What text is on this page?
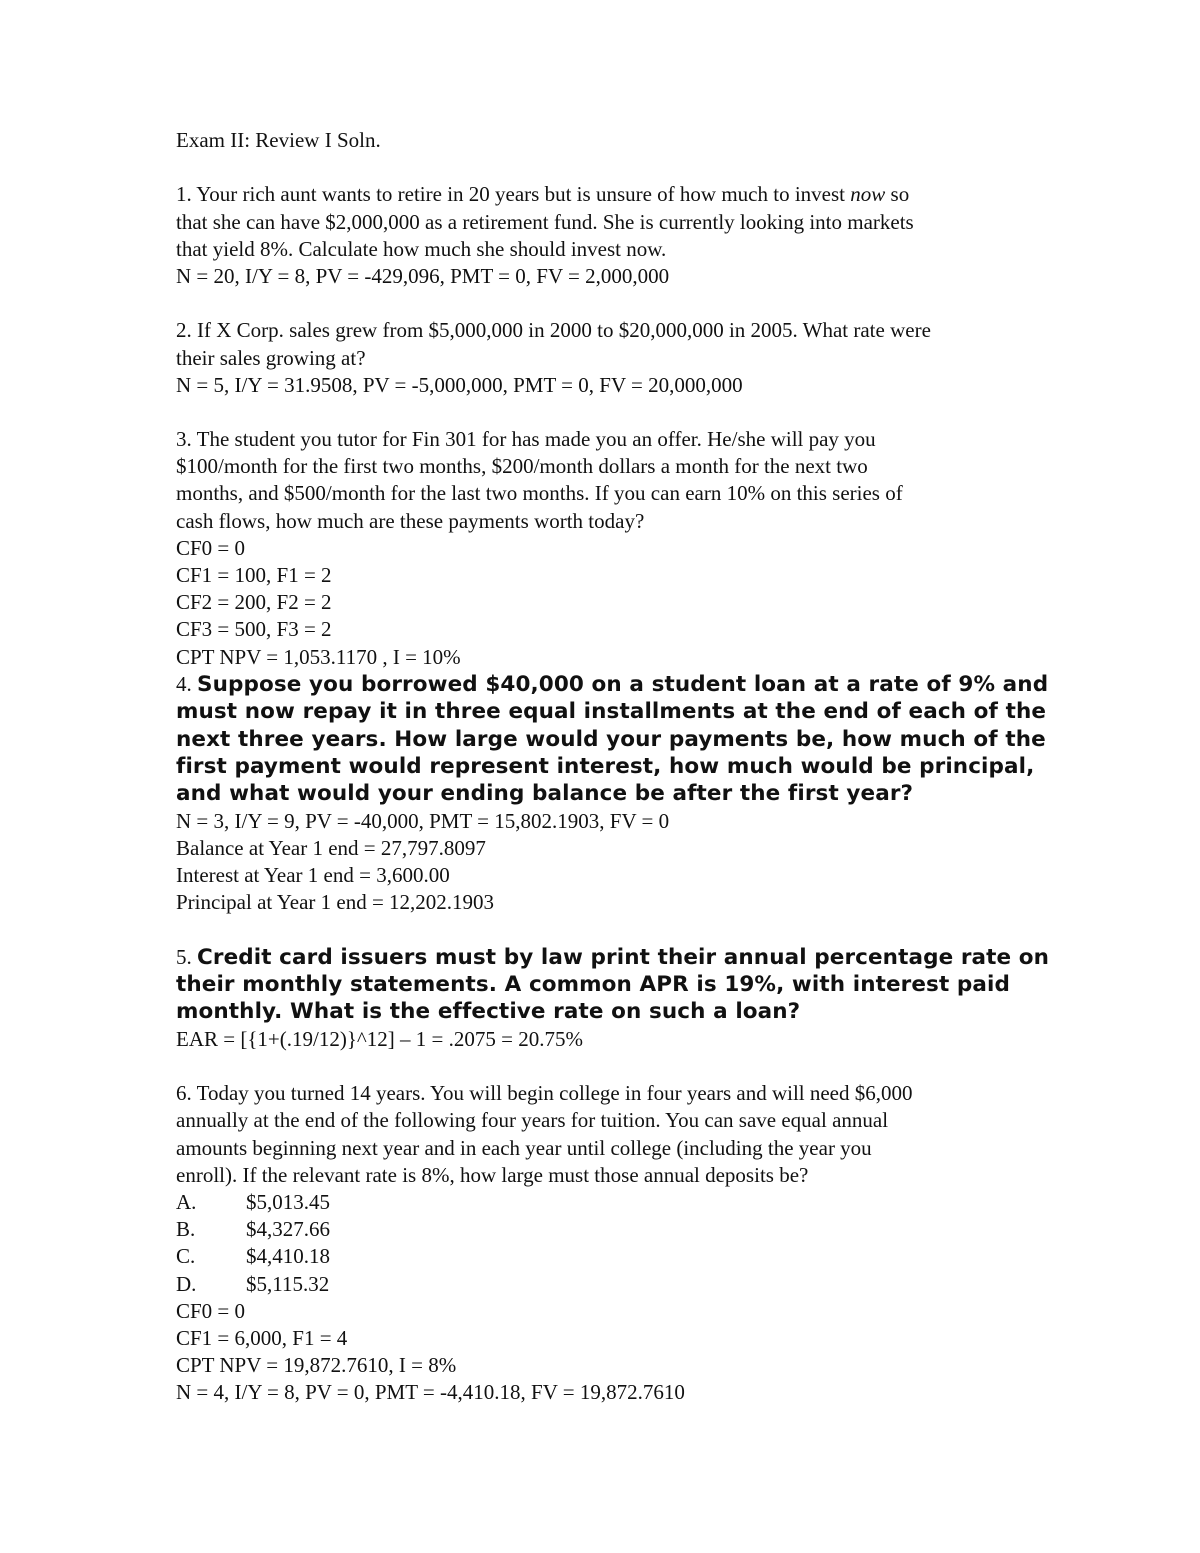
Exam II: Review I Soln.
1. Your rich aunt wants to retire in 20 years but is unsure of how much to invest now so
that she can have $2,000,000 as a retirement fund. She is currently looking into markets
that yield 8%. Calculate how much she should invest now.
N = 20, I/Y = 8, PV = -429,096, PMT = 0, FV = 2,000,000
2. If X Corp. sales grew from $5,000,000 in 2000 to $20,000,000 in 2005. What rate were
their sales growing at?
N = 5, I/Y = 31.9508, PV = -5,000,000, PMT = 0, FV = 20,000,000
3. The student you tutor for Fin 301 for has made you an offer. He/she will pay you
$100/month for the first two months, $200/month dollars a month for the next two
months, and $500/month for the last two months. If you can earn 10% on this series of
cash flows, how much are these payments worth today?
CF0 = 0
CF1 = 100, F1 = 2
CF2 = 200, F2 = 2
CF3 = 500, F3 = 2
CPT NPV = 1,053.1170 , I = 10%
4. Suppose you borrowed $40,000 on a student loan at a rate of 9% and
must now repay it in three equal installments at the end of each of the
next three years. How large would your payments be, how much of the
first payment would represent interest, how much would be principal,
and what would your ending balance be after the first year?
N = 3, I/Y = 9, PV = -40,000, PMT = 15,802.1903, FV = 0
Balance at Year 1 end = 27,797.8097
Interest at Year 1 end = 3,600.00
Principal at Year 1 end = 12,202.1903
5. Credit card issuers must by law print their annual percentage rate on
their monthly statements. A common APR is 19%, with interest paid
monthly. What is the effective rate on such a loan?
EAR = [{1+(.19/12)}^12] – 1 = .2075 = 20.75%
6. Today you turned 14 years. You will begin college in four years and will need $6,000
annually at the end of the following four years for tuition. You can save equal annual
amounts beginning next year and in each year until college (including the year you
enroll). If the relevant rate is 8%, how large must those annual deposits be?
A. $5,013.45
B. $4,327.66
C. $4,410.18
D. $5,115.32
CF0 = 0
CF1 = 6,000, F1 = 4
CPT NPV = 19,872.7610, I = 8%
N = 4, I/Y = 8, PV = 0, PMT = -4,410.18, FV = 19,872.7610
